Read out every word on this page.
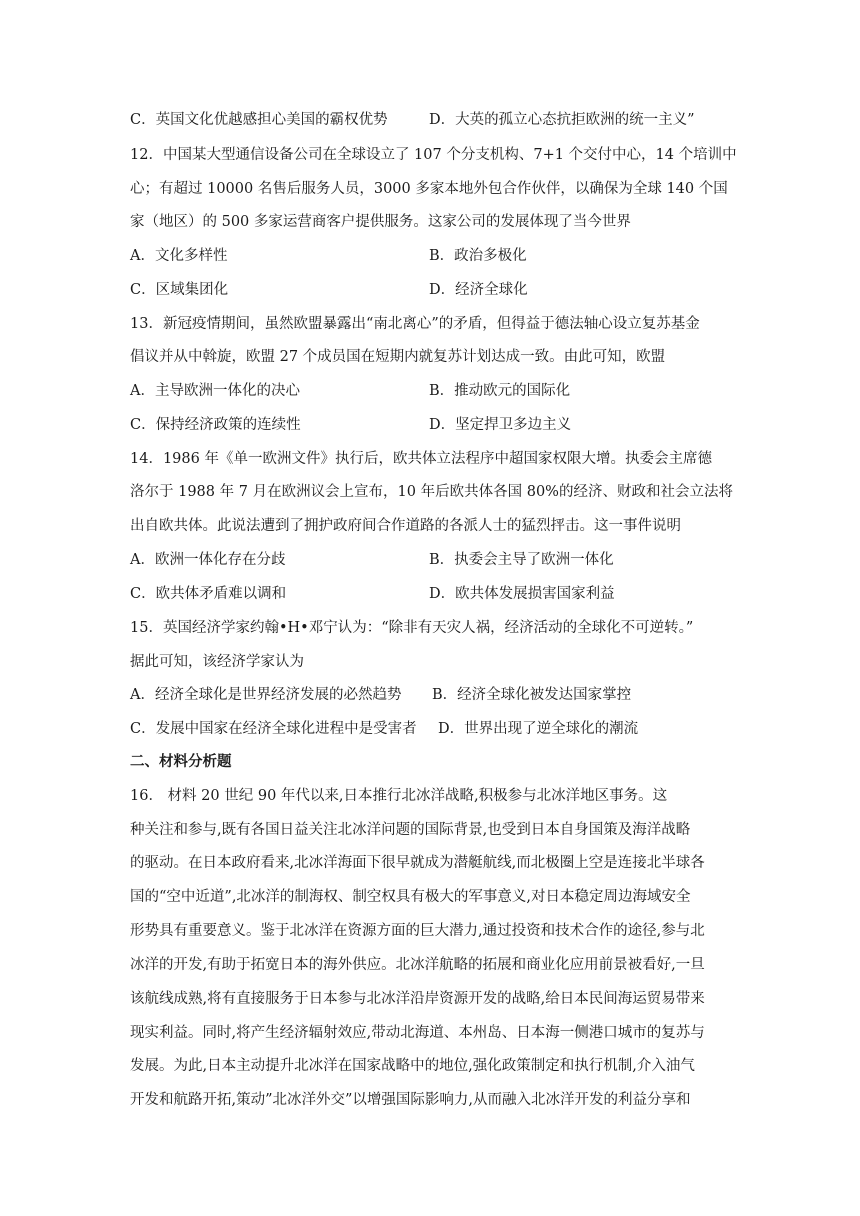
C．英国文化优越感担心美国的霸权优势	D．大英的孤立心态抗拒欧洲的统一主义”
12．中国某大型通信设备公司在全球设立了 107 个分支机构、7+1 个交付中心，14 个培训中
心；有超过 10000 名售后服务人员，3000 多家本地外包合作伙伴，以确保为全球 140 个国
家（地区）的 500 多家运营商客户提供服务。这家公司的发展体现了当今世界
A．文化多样性	B．政治多极化
C．区域集团化	D．经济全球化
13．新冠疫情期间，虽然欧盟暴露出“南北离心”的矛盾，但得益于德法轴心设立复苏基金
倡议并从中斡旋，欧盟 27 个成员国在短期内就复苏计划达成一致。由此可知，欧盟
A．主导欧洲一体化的决心	B．推动欧元的国际化
C．保持经济政策的连续性	D．坚定捍卫多边主义
14．1986 年《单一欧洲文件》执行后，欧共体立法程序中超国家权限大增。执委会主席德
洛尔于 1988 年 7 月在欧洲议会上宣布，10 年后欧共体各国 80%的经济、财政和社会立法将
出自欧共体。此说法遭到了拥护政府间合作道路的各派人士的猛烈抨击。这一事件说明
A．欧洲一体化存在分歧	B．执委会主导了欧洲一体化
C．欧共体矛盾难以调和	D．欧共体发展损害国家利益
15．英国经济学家约翰•H•邓宁认为：“除非有天灾人祸，经济活动的全球化不可逆转。”
据此可知，该经济学家认为
A．经济全球化是世界经济发展的必然趋势 B．经济全球化被发达国家掌控
C．发展中国家在经济全球化进程中是受害者 D．世界出现了逆全球化的潮流
二、材料分析题
16． 材料 20 世纪 90 年代以来,日本推行北冰洋战略,积极参与北冰洋地区事务。这
种关注和参与,既有各国日益关注北冰洋问题的国际背景,也受到日本自身国策及海洋战略
的驱动。在日本政府看来,北冰洋海面下很早就成为潜艇航线,而北极圈上空是连接北半球各
国的“空中近道”,北冰洋的制海权、制空权具有极大的军事意义,对日本稳定周边海域安全
形势具有重要意义。鉴于北冰洋在资源方面的巨大潜力,通过投资和技术合作的途径,参与北
冰洋的开发,有助于拓宽日本的海外供应。北冰洋航略的拓展和商业化应用前景被看好,一旦
该航线成熟,将有直接服务于日本参与北冰洋沿岸资源开发的战略,给日本民间海运贸易带来
现实利益。同时,将产生经济辐射效应,带动北海道、本州岛、日本海一侧港口城市的复苏与
发展。为此,日本主动提升北冰洋在国家战略中的地位,强化政策制定和执行机制,介入油气
开发和航路开拓,策动”北冰洋外交”以增强国际影响力,从而融入北冰洋开发的利益分享和
